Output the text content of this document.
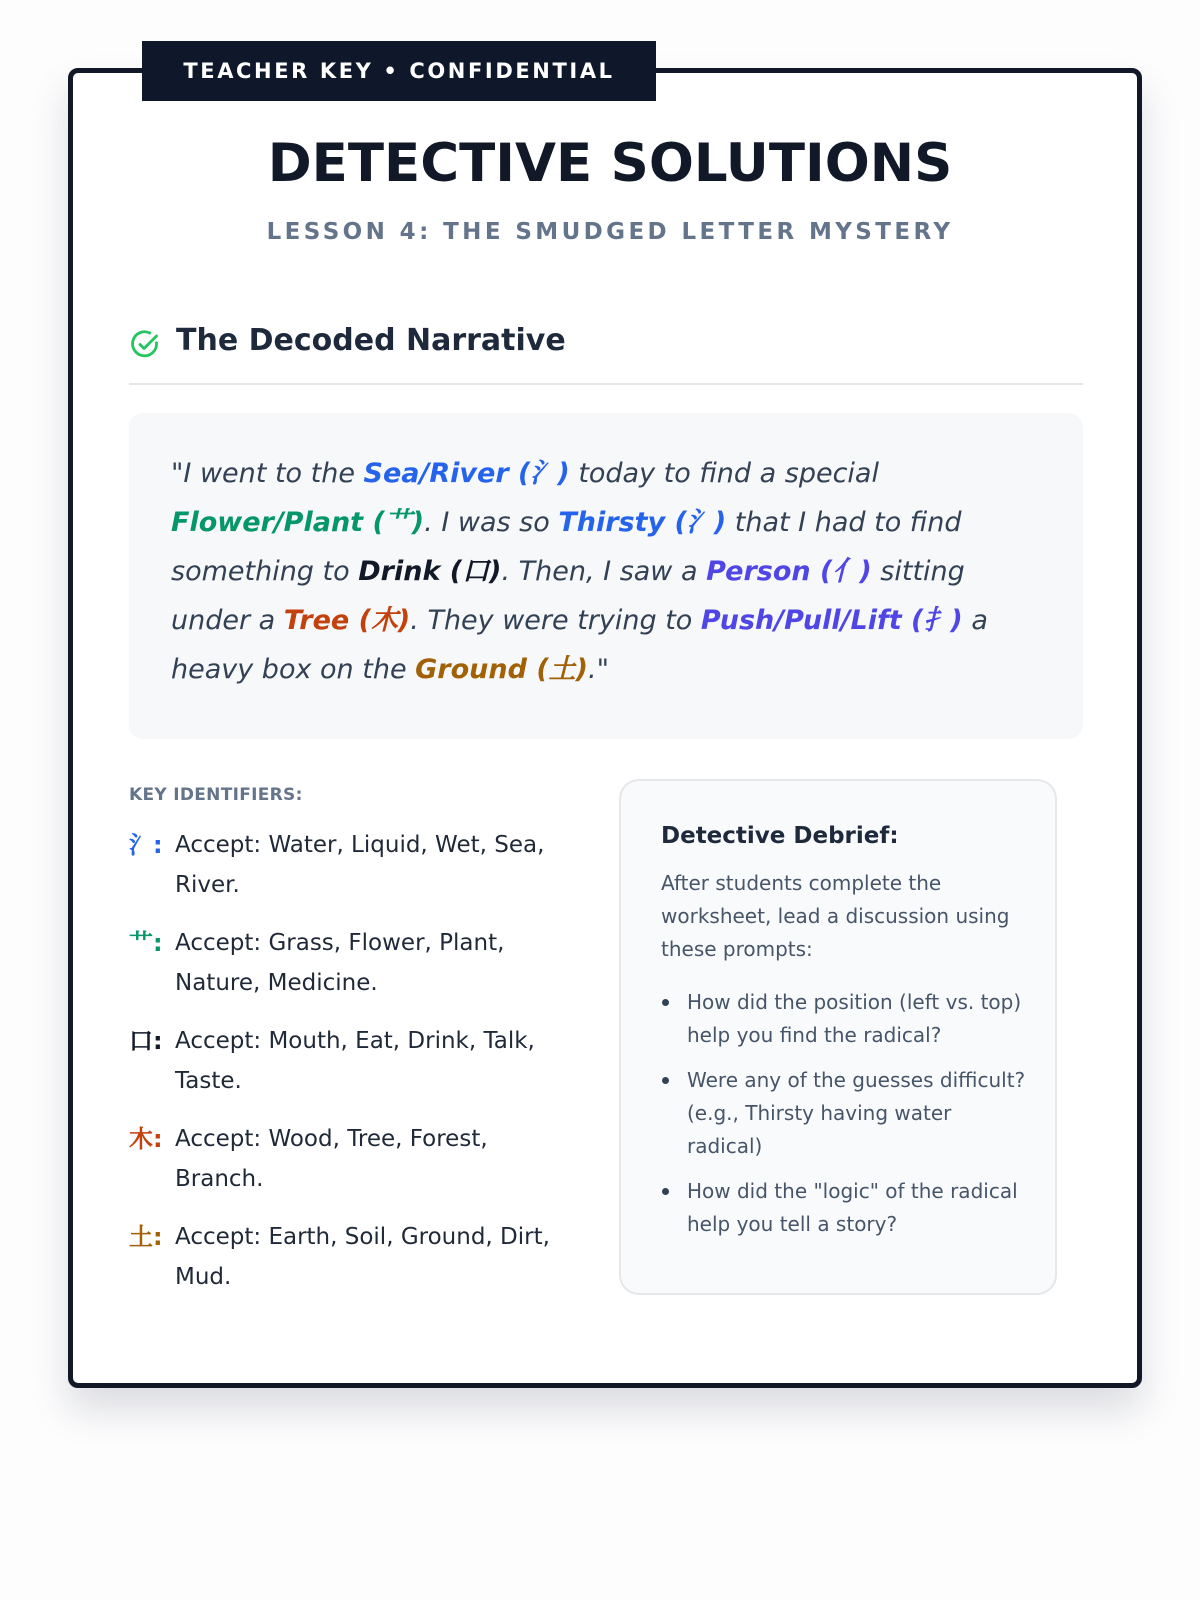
DETECTIVE SOLUTIONS
LESSON 4: THE SMUDGED LETTER MYSTERY
The Decoded Narrative
"I went to the Sea/River (氵) today to find a special Flower/Plant (艹). I was so Thirsty (氵) that I had to find something to Drink (口). Then, I saw a Person (亻) sitting under a Tree (木). They were trying to Push/Pull/Lift (扌) a heavy box on the Ground (土)."
KEY IDENTIFIERS:
氵: Accept: Water, Liquid, Wet, Sea, River.
艹: Accept: Grass, Flower, Plant, Nature, Medicine.
口: Accept: Mouth, Eat, Drink, Talk, Taste.
木: Accept: Wood, Tree, Forest, Branch.
土: Accept: Earth, Soil, Ground, Dirt, Mud.
Detective Debrief:
After students complete the worksheet, lead a discussion using these prompts:
How did the position (left vs. top) help you find the radical?
Were any of the guesses difficult? (e.g., Thirsty having water radical)
How did the "logic" of the radical help you tell a story?
TEACHER KEY • CONFIDENTIAL
